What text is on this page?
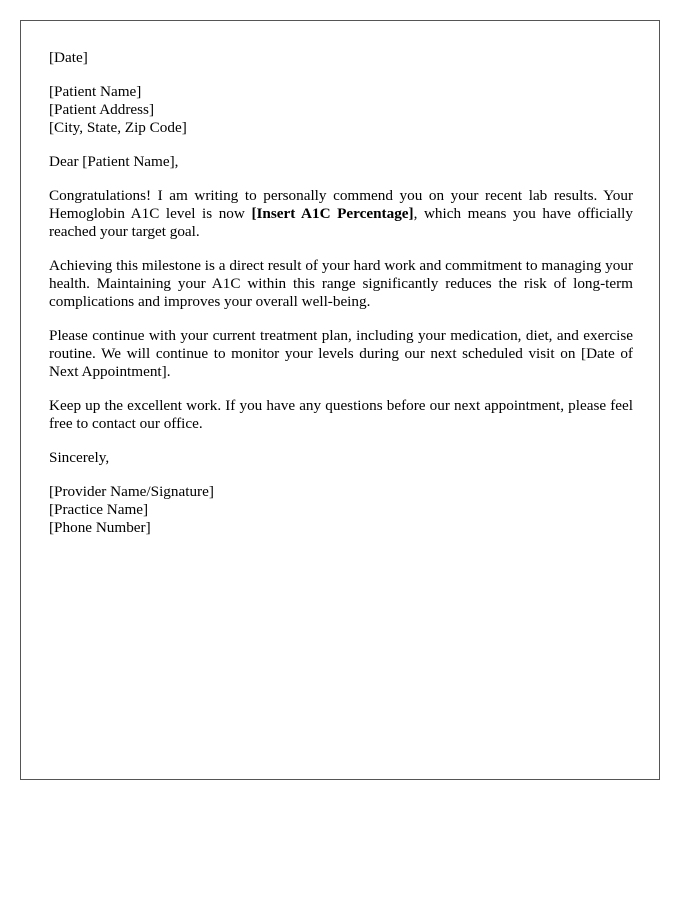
[Date]
[Patient Name]
[Patient Address]
[City, State, Zip Code]
Dear [Patient Name],

Congratulations! I am writing to personally commend you on your recent lab results. Your Hemoglobin A1C level is now [Insert A1C Percentage], which means you have officially reached your target goal.

Achieving this milestone is a direct result of your hard work and commitment to managing your health. Maintaining your A1C within this range significantly reduces the risk of long-term complications and improves your overall well-being.

Please continue with your current treatment plan, including your medication, diet, and exercise routine. We will continue to monitor your levels during our next scheduled visit on [Date of Next Appointment].

Keep up the excellent work. If you have any questions before our next appointment, please feel free to contact our office.

Sincerely,
[Provider Name/Signature]
[Practice Name]
[Phone Number]
